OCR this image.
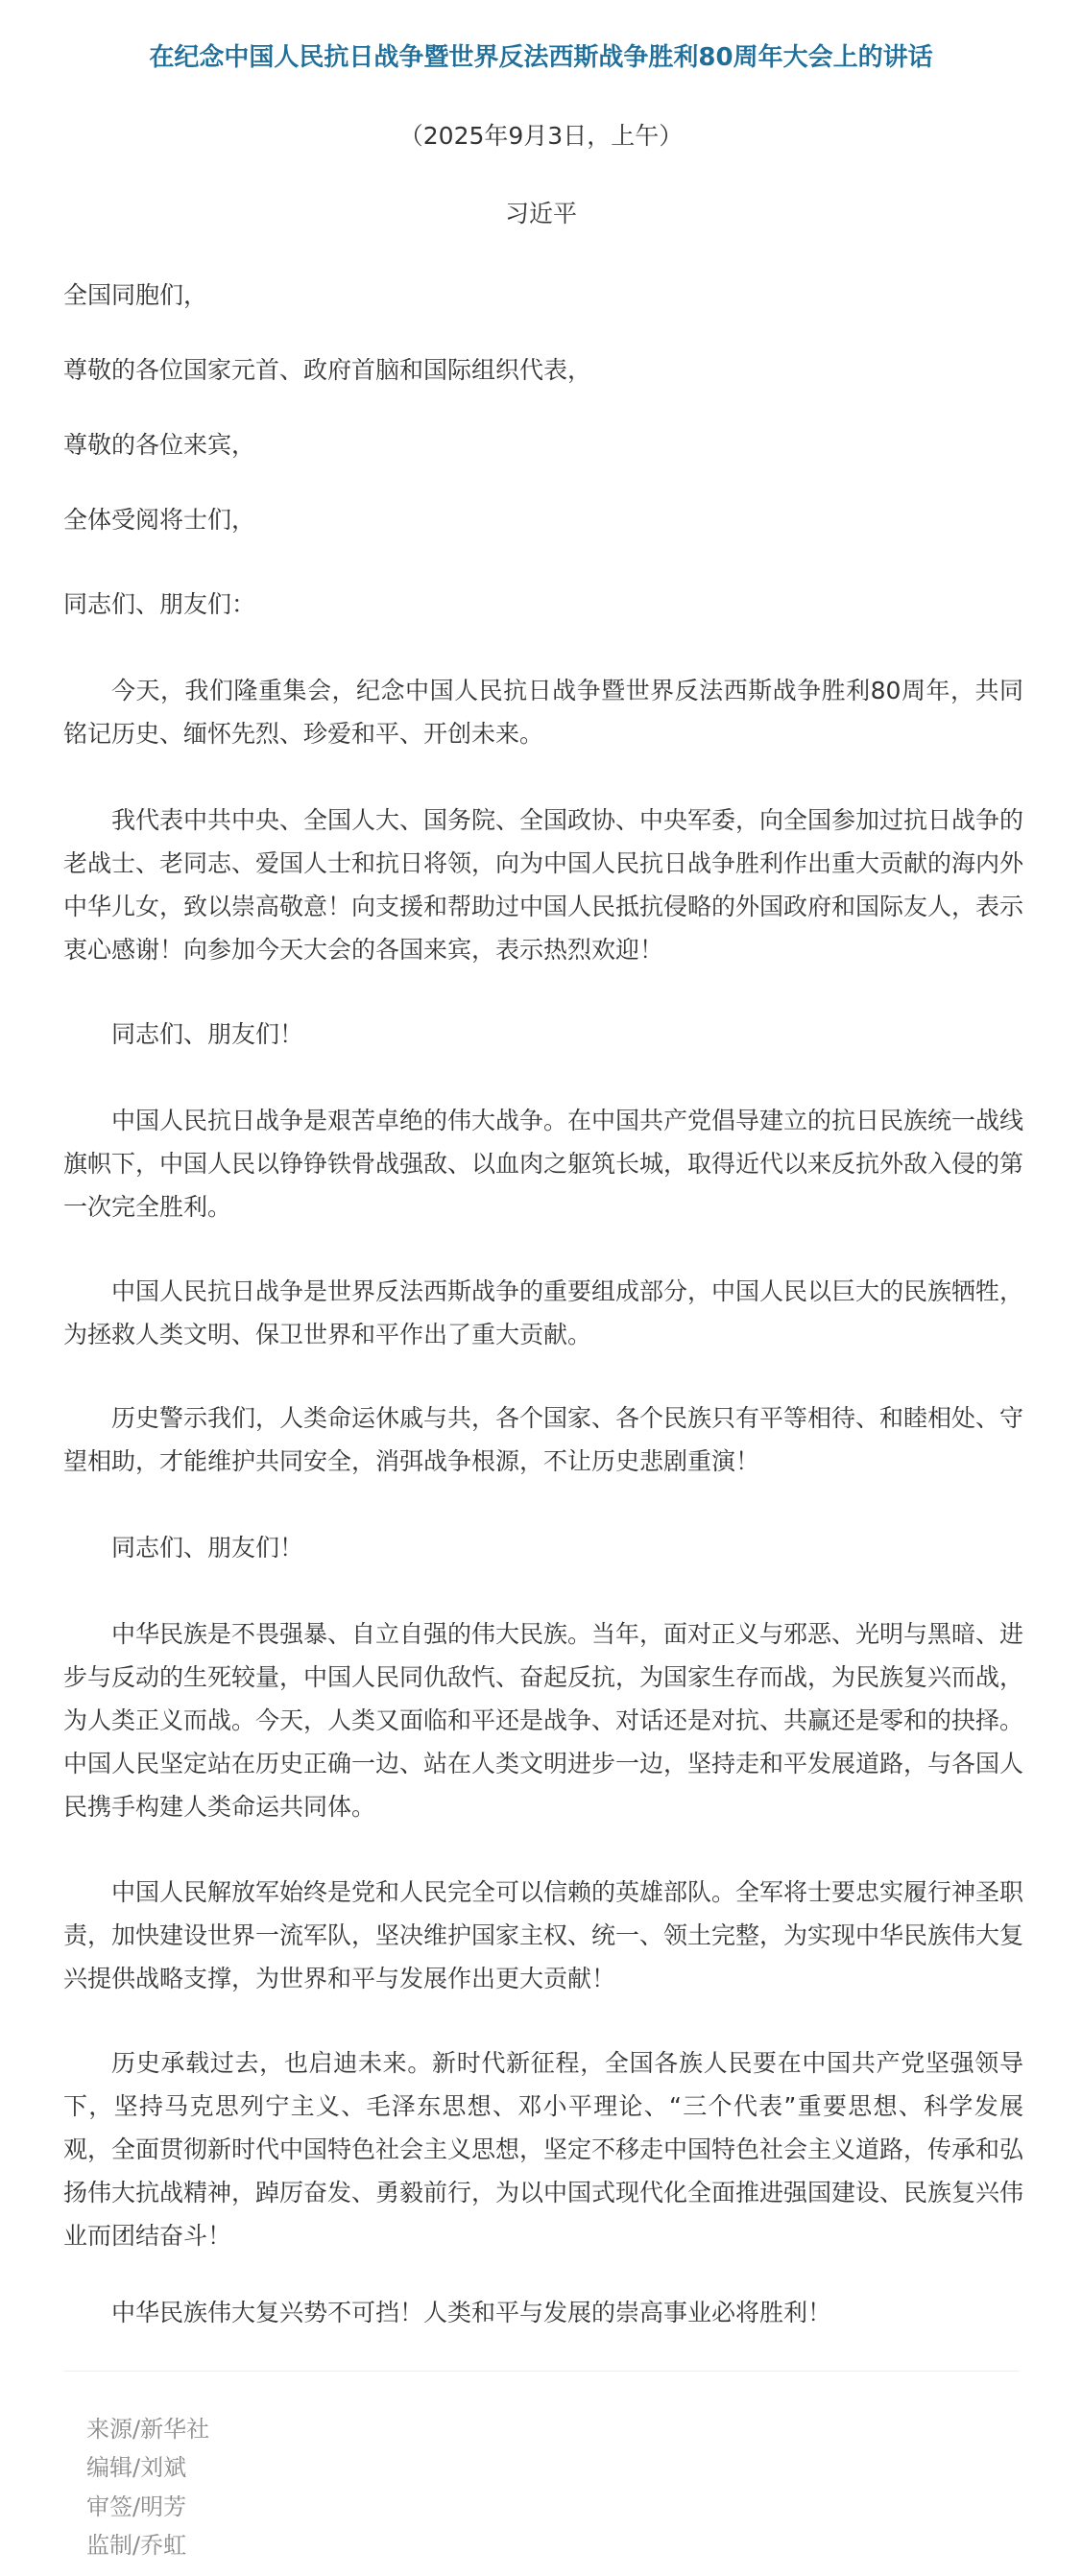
在纪念中国人民抗日战争暨世界反法西斯战争胜利80周年大会上的讲话

（2025年9月3日，上午）

习近平

全国同胞们，

尊敬的各位国家元首、政府首脑和国际组织代表，

尊敬的各位来宾，

全体受阅将士们，

同志们、朋友们：

今天，我们隆重集会，纪念中国人民抗日战争暨世界反法西斯战争胜利80周年，共同铭记历史、缅怀先烈、珍爱和平、开创未来。

我代表中共中央、全国人大、国务院、全国政协、中央军委，向全国参加过抗日战争的老战士、老同志、爱国人士和抗日将领，向为中国人民抗日战争胜利作出重大贡献的海内外中华儿女，致以崇高敬意！向支援和帮助过中国人民抵抗侵略的外国政府和国际友人，表示衷心感谢！向参加今天大会的各国来宾，表示热烈欢迎！

同志们、朋友们！

中国人民抗日战争是艰苦卓绝的伟大战争。在中国共产党倡导建立的抗日民族统一战线旗帜下，中国人民以铮铮铁骨战强敌、以血肉之躯筑长城，取得近代以来反抗外敌入侵的第一次完全胜利。

中国人民抗日战争是世界反法西斯战争的重要组成部分，中国人民以巨大的民族牺牲，为拯救人类文明、保卫世界和平作出了重大贡献。

历史警示我们，人类命运休戚与共，各个国家、各个民族只有平等相待、和睦相处、守望相助，才能维护共同安全，消弭战争根源，不让历史悲剧重演！

同志们、朋友们！

中华民族是不畏强暴、自立自强的伟大民族。当年，面对正义与邪恶、光明与黑暗、进步与反动的生死较量，中国人民同仇敌忾、奋起反抗，为国家生存而战，为民族复兴而战，为人类正义而战。今天，人类又面临和平还是战争、对话还是对抗、共赢还是零和的抉择。中国人民坚定站在历史正确一边、站在人类文明进步一边，坚持走和平发展道路，与各国人民携手构建人类命运共同体。

中国人民解放军始终是党和人民完全可以信赖的英雄部队。全军将士要忠实履行神圣职责，加快建设世界一流军队，坚决维护国家主权、统一、领土完整，为实现中华民族伟大复兴提供战略支撑，为世界和平与发展作出更大贡献！

历史承载过去，也启迪未来。新时代新征程，全国各族人民要在中国共产党坚强领导下，坚持马克思列宁主义、毛泽东思想、邓小平理论、“三个代表”重要思想、科学发展观，全面贯彻新时代中国特色社会主义思想，坚定不移走中国特色社会主义道路，传承和弘扬伟大抗战精神，踔厉奋发、勇毅前行，为以中国式现代化全面推进强国建设、民族复兴伟业而团结奋斗！

中华民族伟大复兴势不可挡！人类和平与发展的崇高事业必将胜利！

来源/新华社

编辑/刘斌

审签/明芳

监制/乔虹
